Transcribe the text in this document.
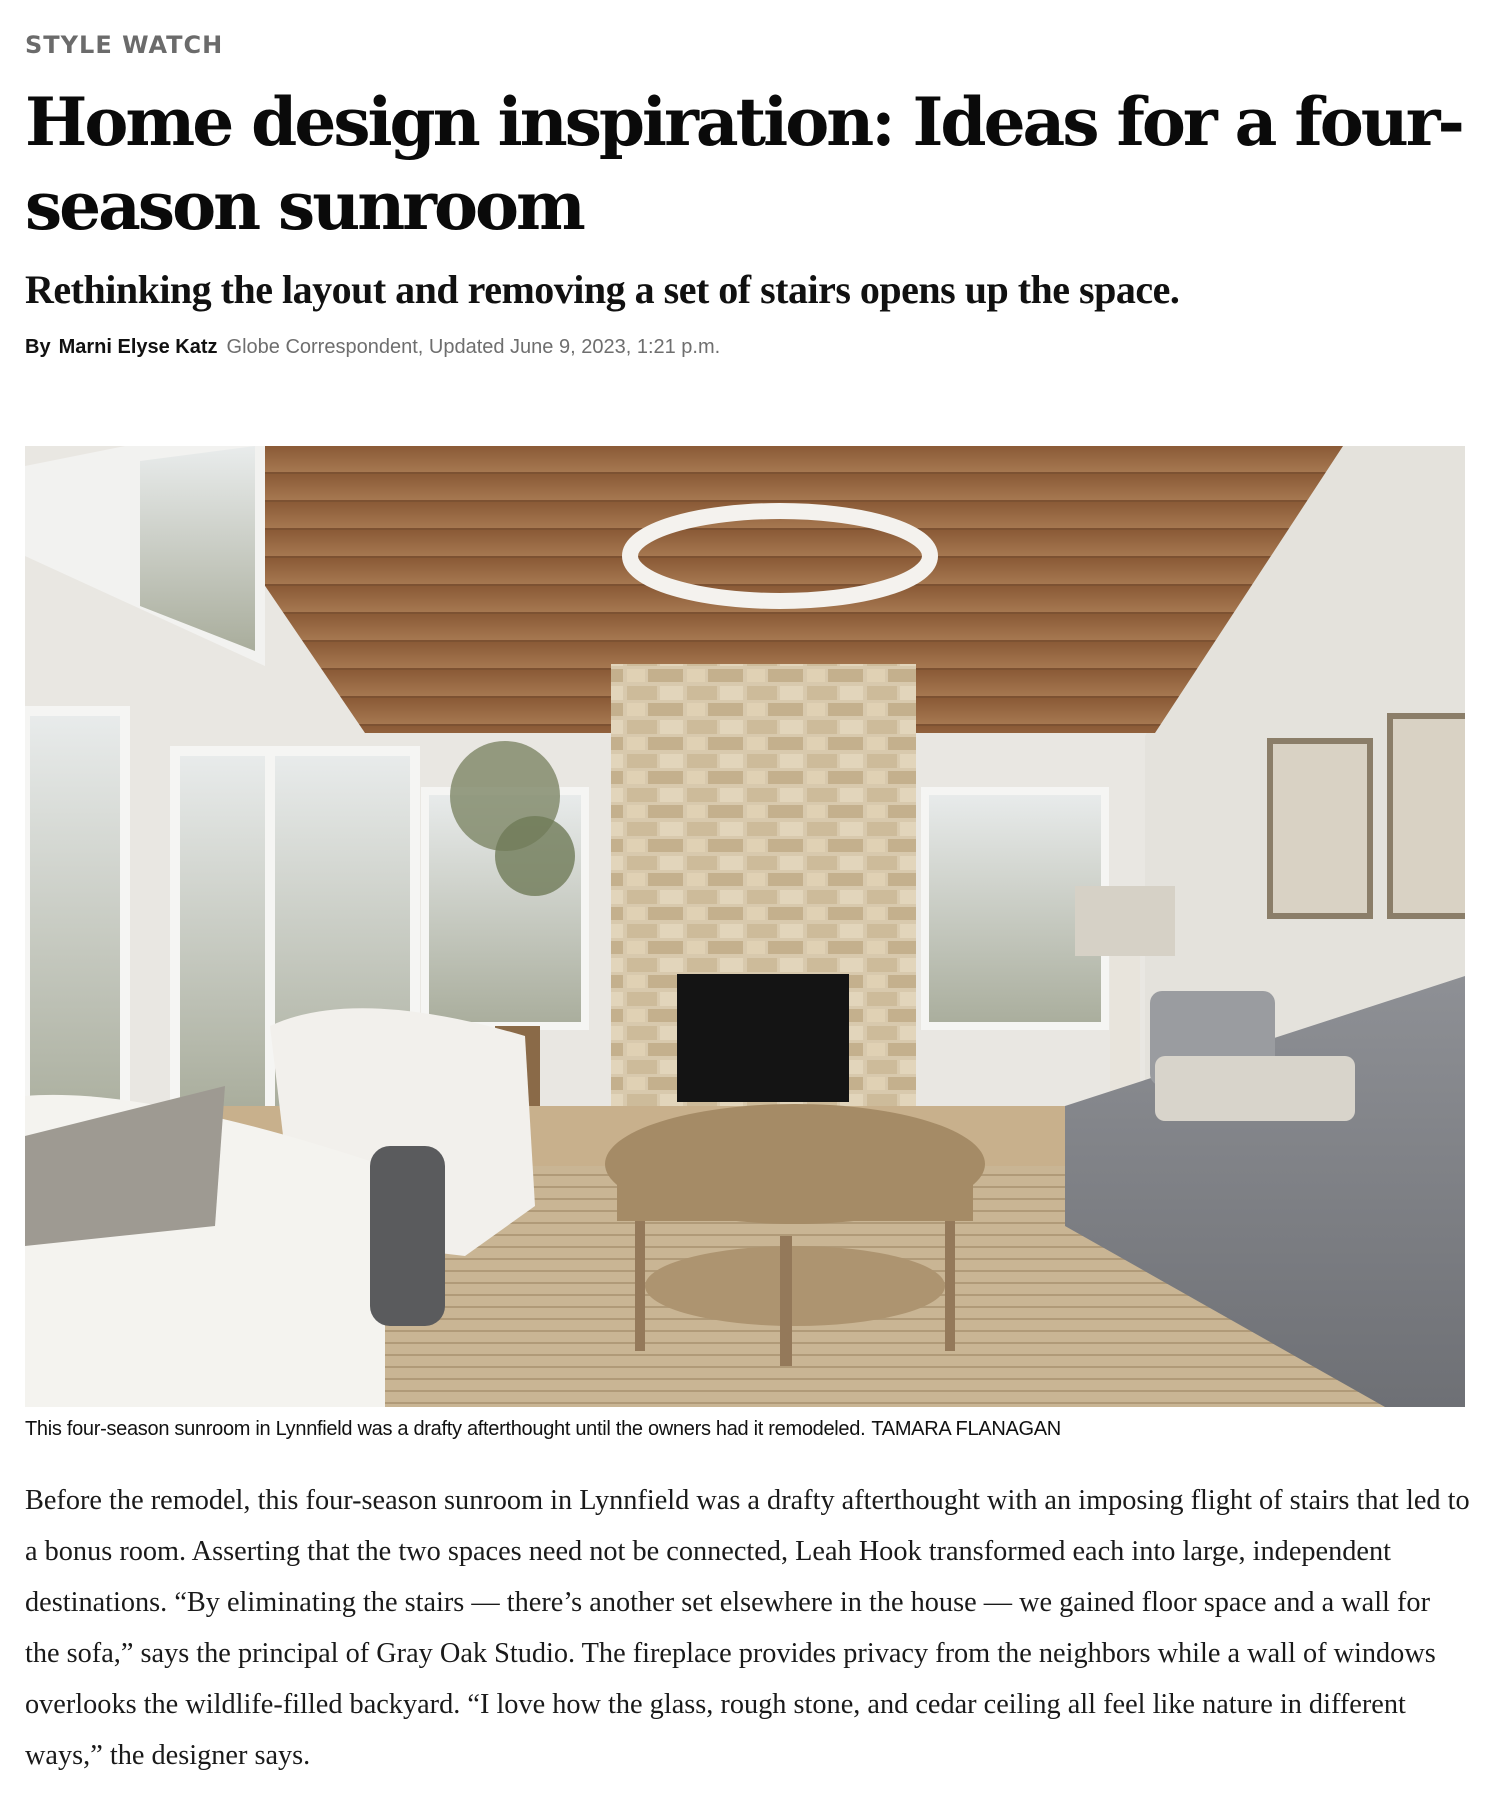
STYLE WATCH
Home design inspiration: Ideas for a four-season sunroom
Rethinking the layout and removing a set of stairs opens up the space.
By Marni Elyse Katz Globe Correspondent, Updated June 9, 2023, 1:21 p.m.
This four-season sunroom in Lynnfield was a drafty afterthought until the owners had it remodeled. TAMARA FLANAGAN

Before the remodel, this four-season sunroom in Lynnfield was a drafty afterthought with an imposing flight of stairs that led to a bonus room. Asserting that the two spaces need not be connected, Leah Hook transformed each into large, independent destinations. “By eliminating the stairs — there’s another set elsewhere in the house — we gained floor space and a wall for the sofa,” says the principal of Gray Oak Studio. The fireplace provides privacy from the neighbors while a wall of windows overlooks the wildlife-filled backyard. “I love how the glass, rough stone, and cedar ceiling all feel like nature in different ways,” the designer says.
